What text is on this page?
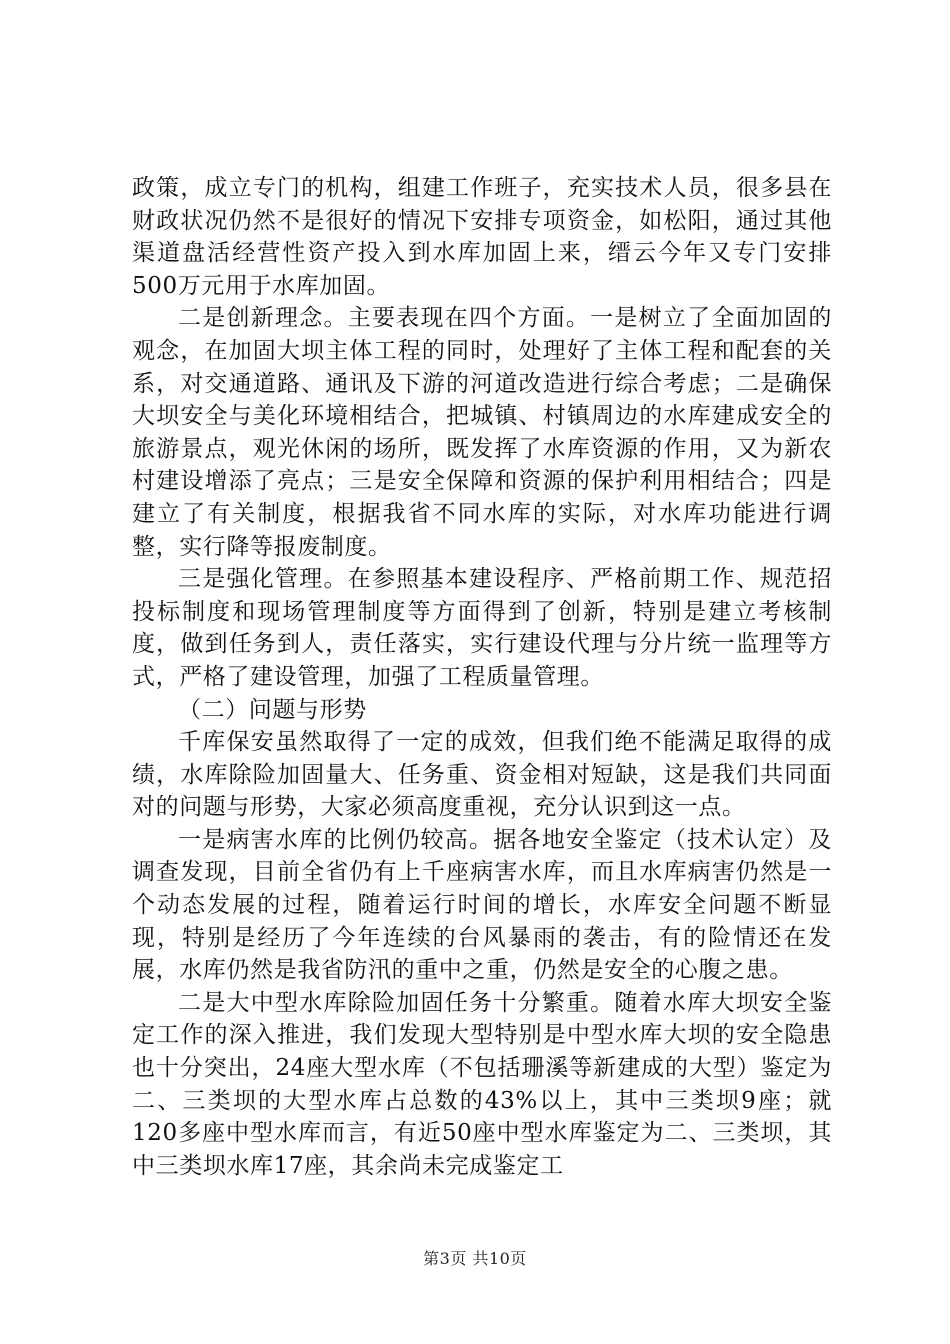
政策，成立专门的机构，组建工作班子，充实技术人员，很多县在财政状况仍然不是很好的情况下安排专项资金，如松阳，通过其他渠道盘活经营性资产投入到水库加固上来，缙云今年又专门安排500万元用于水库加固。

二是创新理念。主要表现在四个方面。一是树立了全面加固的观念，在加固大坝主体工程的同时，处理好了主体工程和配套的关系，对交通道路、通讯及下游的河道改造进行综合考虑；二是确保大坝安全与美化环境相结合，把城镇、村镇周边的水库建成安全的旅游景点，观光休闲的场所，既发挥了水库资源的作用，又为新农村建设增添了亮点；三是安全保障和资源的保护利用相结合；四是建立了有关制度，根据我省不同水库的实际，对水库功能进行调整，实行降等报废制度。

三是强化管理。在参照基本建设程序、严格前期工作、规范招投标制度和现场管理制度等方面得到了创新，特别是建立考核制度，做到任务到人，责任落实，实行建设代理与分片统一监理等方式，严格了建设管理，加强了工程质量管理。

（二）问题与形势

千库保安虽然取得了一定的成效，但我们绝不能满足取得的成绩，水库除险加固量大、任务重、资金相对短缺，这是我们共同面对的问题与形势，大家必须高度重视，充分认识到这一点。

一是病害水库的比例仍较高。据各地安全鉴定（技术认定）及调查发现，目前全省仍有上千座病害水库，而且水库病害仍然是一个动态发展的过程，随着运行时间的增长，水库安全问题不断显现，特别是经历了今年连续的台风暴雨的袭击，有的险情还在发展，水库仍然是我省防汛的重中之重，仍然是安全的心腹之患。

二是大中型水库除险加固任务十分繁重。随着水库大坝安全鉴定工作的深入推进，我们发现大型特别是中型水库大坝的安全隐患也十分突出，24座大型水库（不包括珊溪等新建成的大型）鉴定为二、三类坝的大型水库占总数的43%以上，其中三类坝9座；就120多座中型水库而言，有近50座中型水库鉴定为二、三类坝，其中三类坝水库17座，其余尚未完成鉴定工

第3页 共10页
